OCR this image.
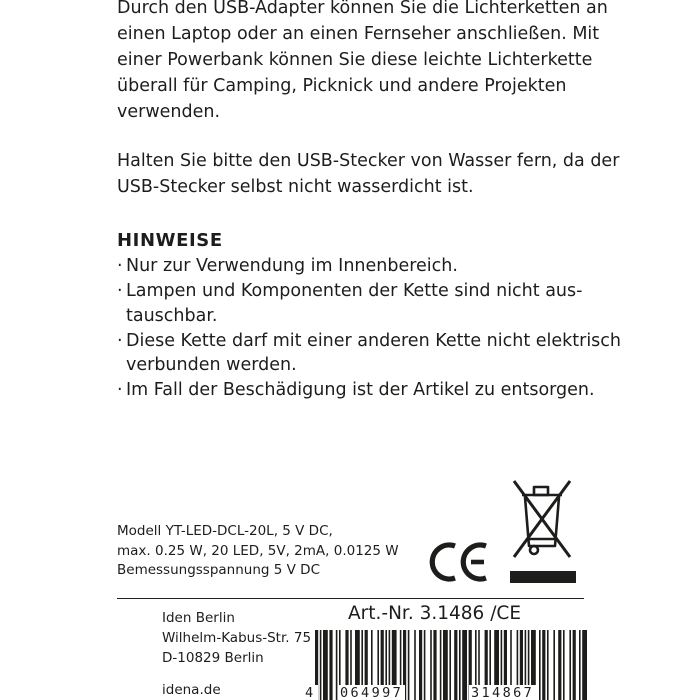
Durch den USB-Adapter können Sie die Lichterketten an
einen Laptop oder an einen Fernseher anschließen. Mit
einer Powerbank können Sie diese leichte Lichterkette
überall für Camping, Picknick und andere Projekten
verwenden.

Halten Sie bitte den USB-Stecker von Wasser fern, da der
USB-Stecker selbst nicht wasserdicht ist.

HINWEISE
· Nur zur Verwendung im Innenbereich.
· Lampen und Komponenten der Kette sind nicht aus-
tauschbar.
· Diese Kette darf mit einer anderen Kette nicht elektrisch
verbunden werden.
· Im Fall der Beschädigung ist der Artikel zu entsorgen.

Modell YT-LED-DCL-20L, 5 V DC,
max. 0.25 W, 20 LED, 5V, 2mA, 0.0125 W
Bemessungsspannung 5 V DC

Iden Berlin
Wilhelm-Kabus-Str. 75
D-10829 Berlin
idena.de
Art.-Nr. 3.1486 /CE
4 064997	314867
